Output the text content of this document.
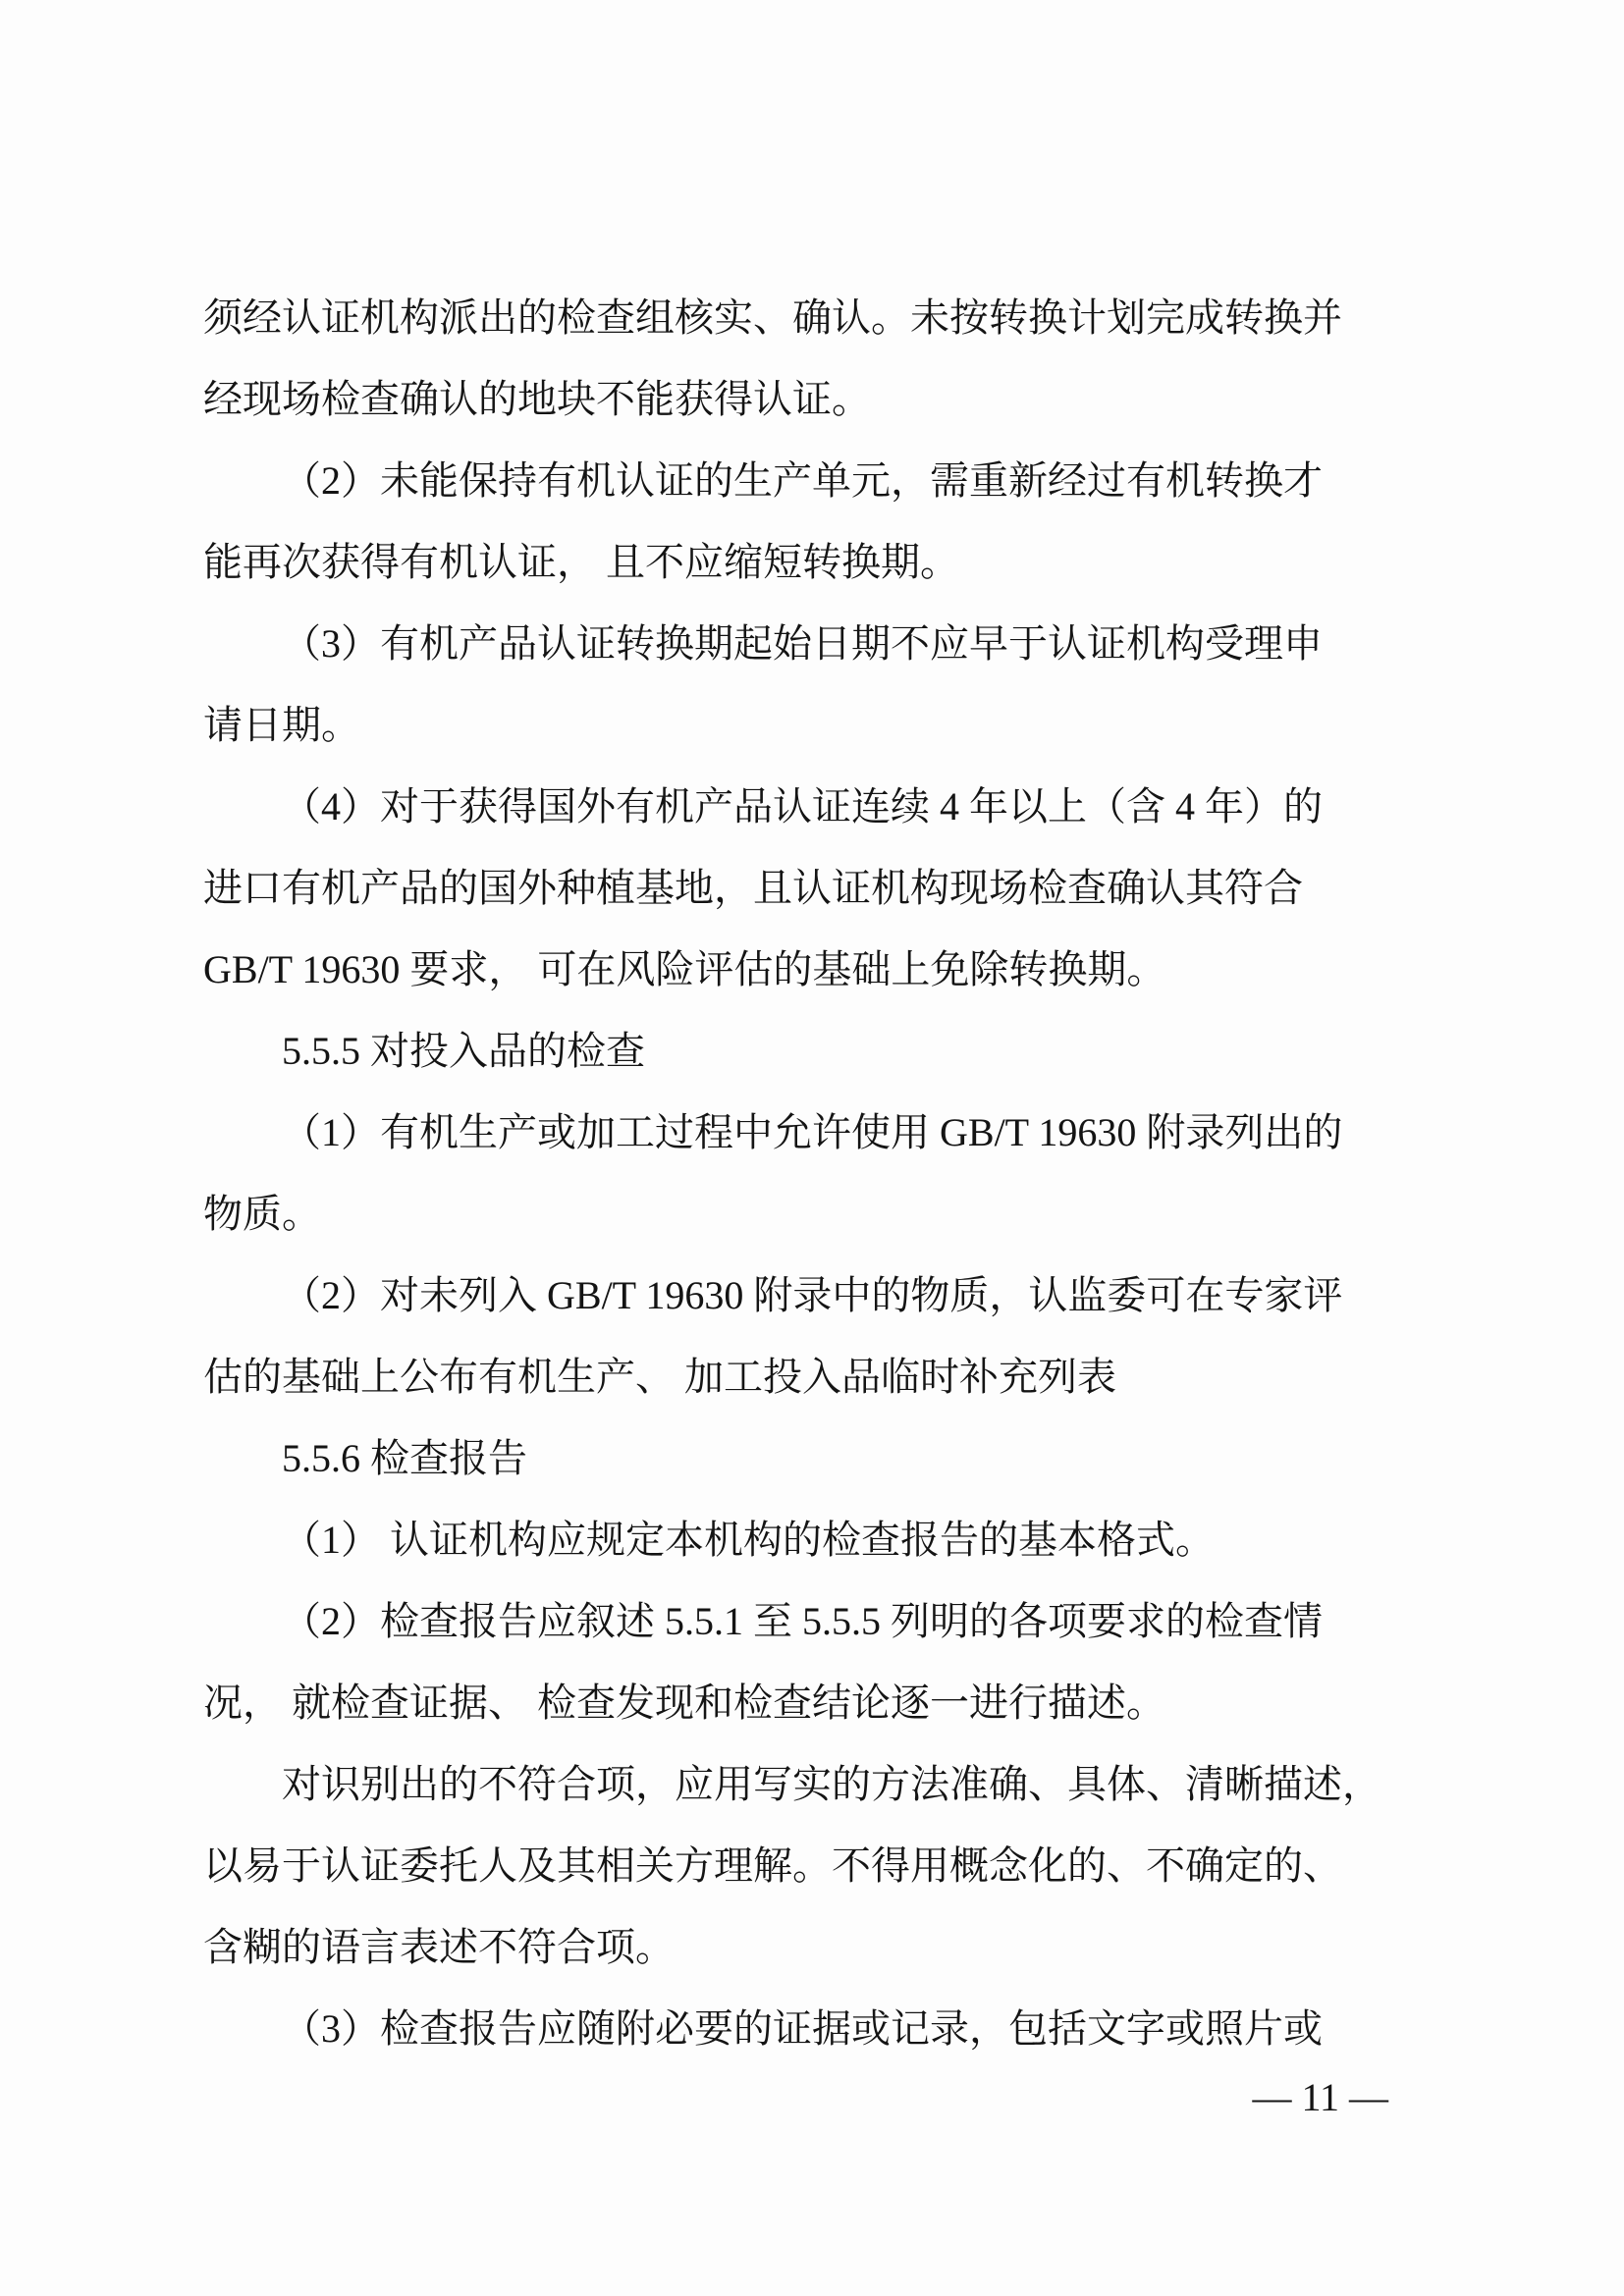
须经认证机构派出的检查组核实、确认。未按转换计划完成转换并
经现场检查确认的地块不能获得认证。
（2）未能保持有机认证的生产单元，需重新经过有机转换才
能再次获得有机认证， 且不应缩短转换期。
（3）有机产品认证转换期起始日期不应早于认证机构受理申
请日期。
（4）对于获得国外有机产品认证连续 4 年以上（含 4 年）的
进口有机产品的国外种植基地，且认证机构现场检查确认其符合
GB/T 19630 要求， 可在风险评估的基础上免除转换期。
5.5.5 对投入品的检查
（1）有机生产或加工过程中允许使用 GB/T 19630 附录列出的
物质。
（2）对未列入 GB/T 19630 附录中的物质，认监委可在专家评
估的基础上公布有机生产、 加工投入品临时补充列表
5.5.6 检查报告
（1） 认证机构应规定本机构的检查报告的基本格式。
（2）检查报告应叙述 5.5.1 至 5.5.5 列明的各项要求的检查情
况， 就检查证据、 检查发现和检查结论逐一进行描述。
对识别出的不符合项，应用写实的方法准确、具体、清晰描述，
以易于认证委托人及其相关方理解。不得用概念化的、不确定的、
含糊的语言表述不符合项。
（3）检查报告应随附必要的证据或记录，包括文字或照片或
— 11 —
